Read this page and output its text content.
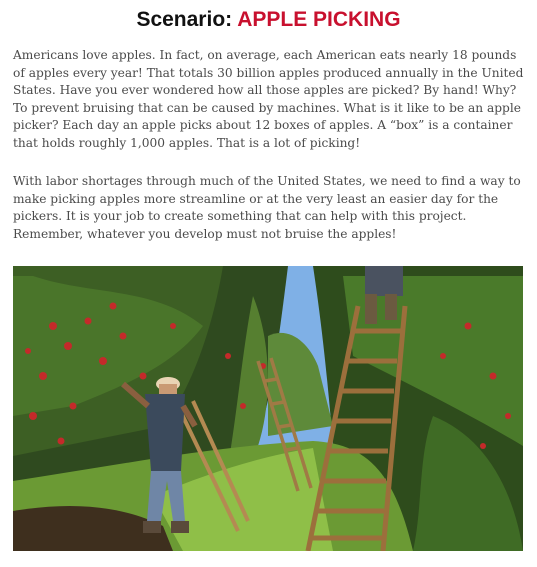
Scenario: APPLE PICKING

Americans love apples. In fact, on average, each American eats nearly 18 pounds of apples every year! That totals 30 billion apples produced annually in the United States. Have you ever wondered how all those apples are picked? By hand! Why? To prevent bruising that can be caused by machines. What is it like to be an apple picker? Each day an apple picks about 12 boxes of apples. A “box” is a container that holds roughly 1,000 apples. That is a lot of picking!

With labor shortages through much of the United States, we need to find a way to make picking apples more streamline or at the very least an easier day for the pickers. It is your job to create something that can help with this project. Remember, whatever you develop must not bruise the apples!
